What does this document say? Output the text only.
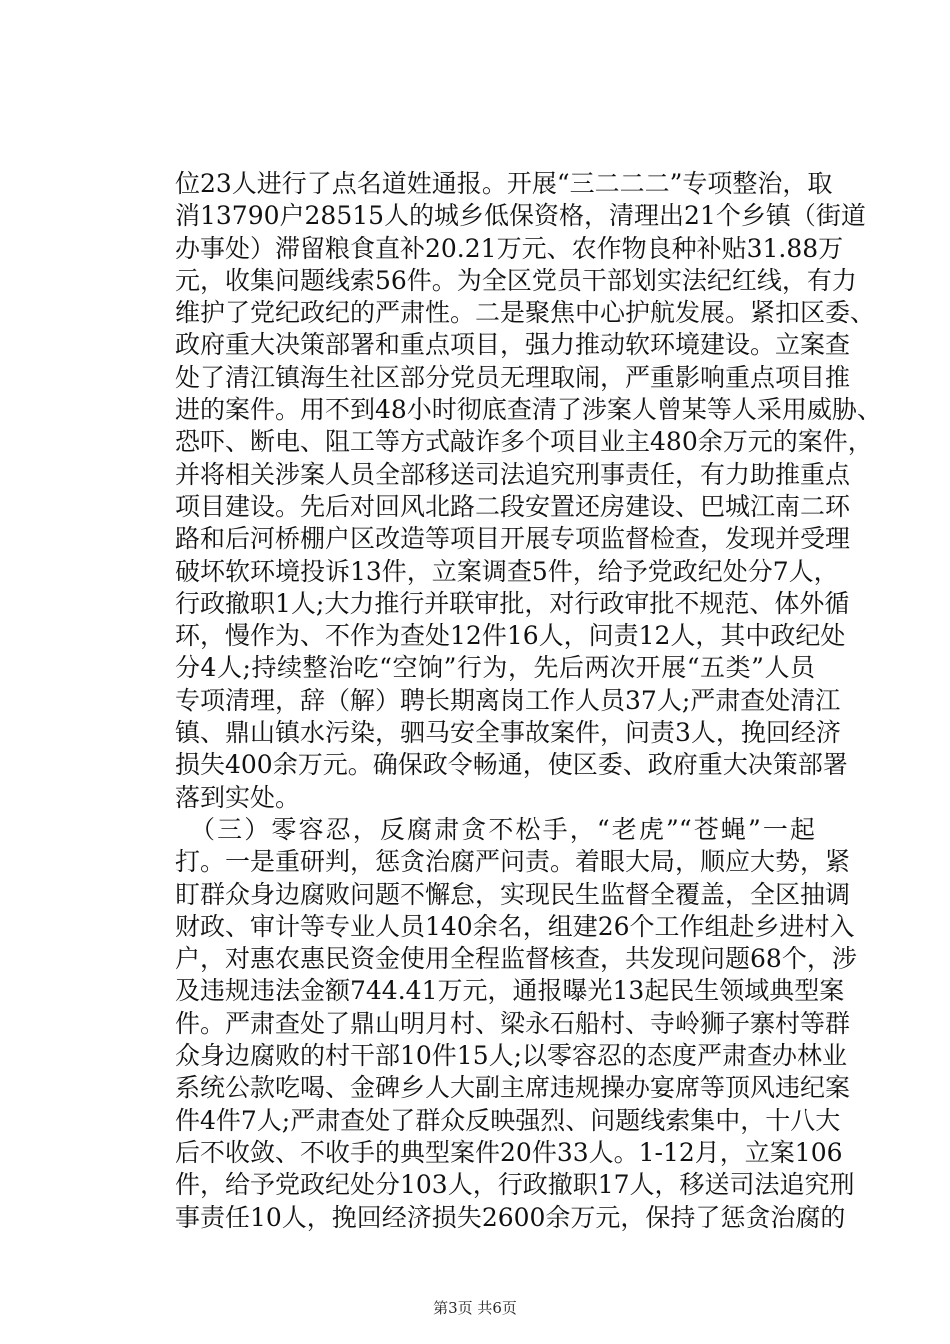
位23人进行了点名道姓通报。开展“三二二二”专项整治，取
消13790户28515人的城乡低保资格，清理出21个乡镇（街道
办事处）滞留粮食直补20.21万元、农作物良种补贴31.88万
元，收集问题线索56件。为全区党员干部划实法纪红线，有力
维护了党纪政纪的严肃性。二是聚焦中心护航发展。紧扣区委、
政府重大决策部署和重点项目，强力推动软环境建设。立案查
处了清江镇海生社区部分党员无理取闹，严重影响重点项目推
进的案件。用不到48小时彻底查清了涉案人曾某等人采用威胁、
恐吓、断电、阻工等方式敲诈多个项目业主480余万元的案件，
并将相关涉案人员全部移送司法追究刑事责任，有力助推重点
项目建设。先后对回风北路二段安置还房建设、巴城江南二环
路和后河桥棚户区改造等项目开展专项监督检查，发现并受理
破坏软环境投诉13件，立案调查5件，给予党政纪处分7人，
行政撤职1人;大力推行并联审批，对行政审批不规范、体外循
环，慢作为、不作为查处12件16人，问责12人，其中政纪处
分4人;持续整治吃“空饷”行为，先后两次开展“五类”人员
专项清理，辞（解）聘长期离岗工作人员37人;严肃查处清江
镇、鼎山镇水污染，驷马安全事故案件，问责3人，挽回经济
损失400余万元。确保政令畅通，使区委、政府重大决策部署
落到实处。
（三）零容忍，反腐肃贪不松手，“老虎”“苍蝇”一起
打。一是重研判，惩贪治腐严问责。着眼大局，顺应大势，紧
盯群众身边腐败问题不懈怠，实现民生监督全覆盖，全区抽调
财政、审计等专业人员140余名，组建26个工作组赴乡进村入
户，对惠农惠民资金使用全程监督核查，共发现问题68个，涉
及违规违法金额744.41万元，通报曝光13起民生领域典型案
件。严肃查处了鼎山明月村、梁永石船村、寺岭狮子寨村等群
众身边腐败的村干部10件15人;以零容忍的态度严肃查办林业
系统公款吃喝、金碑乡人大副主席违规操办宴席等顶风违纪案
件4件7人;严肃查处了群众反映强烈、问题线索集中，十八大
后不收敛、不收手的典型案件20件33人。1-12月，立案106
件，给予党政纪处分103人，行政撤职17人，移送司法追究刑
事责任10人，挽回经济损失2600余万元，保持了惩贪治腐的
第3页 共6页
